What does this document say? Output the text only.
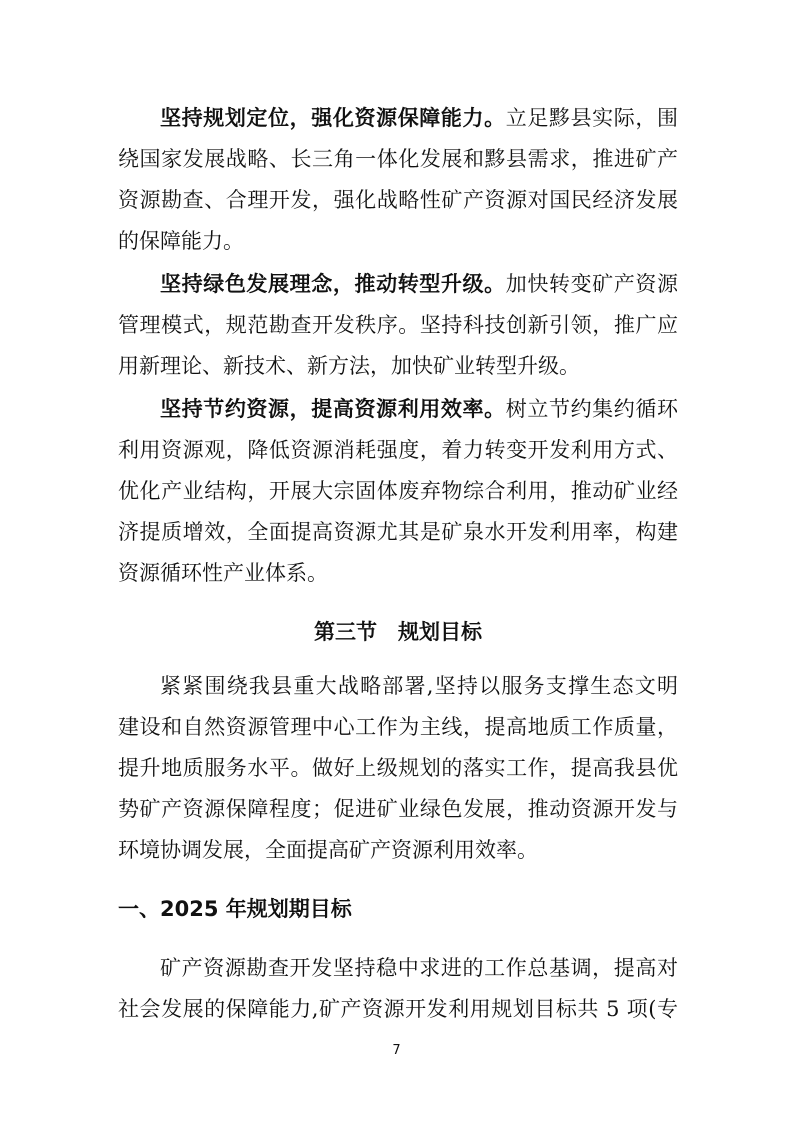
坚持规划定位，强化资源保障能力。立足黟县实际，围
绕国家发展战略、长三角一体化发展和黟县需求，推进矿产
资源勘查、合理开发，强化战略性矿产资源对国民经济发展
的保障能力。
坚持绿色发展理念，推动转型升级。加快转变矿产资源
管理模式，规范勘查开发秩序。坚持科技创新引领，推广应
用新理论、新技术、新方法，加快矿业转型升级。
坚持节约资源，提高资源利用效率。树立节约集约循环
利用资源观，降低资源消耗强度，着力转变开发利用方式、
优化产业结构，开展大宗固体废弃物综合利用，推动矿业经
济提质增效，全面提高资源尤其是矿泉水开发利用率，构建
资源循环性产业体系。
第三节　规划目标
紧紧围绕我县重大战略部署,坚持以服务支撑生态文明
建设和自然资源管理中心工作为主线，提高地质工作质量，
提升地质服务水平。做好上级规划的落实工作，提高我县优
势矿产资源保障程度；促进矿业绿色发展，推动资源开发与
环境协调发展，全面提高矿产资源利用效率。
一、2025 年规划期目标
矿产资源勘查开发坚持稳中求进的工作总基调，提高对
社会发展的保障能力,矿产资源开发利用规划目标共 5 项(专
7
